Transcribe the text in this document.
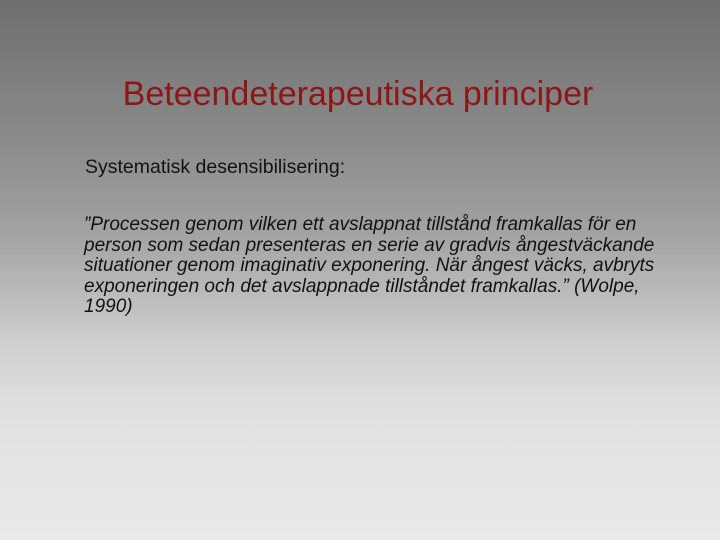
Beteendeterapeutiska principer
Systematisk desensibilisering:
”Processen genom vilken ett avslappnat tillstånd framkallas för en
person som sedan presenteras en serie av gradvis ångestväckande
situationer genom imaginativ exponering. När ångest väcks, avbryts
exponeringen och det avslappnade tillståndet framkallas.” (Wolpe,
1990)
